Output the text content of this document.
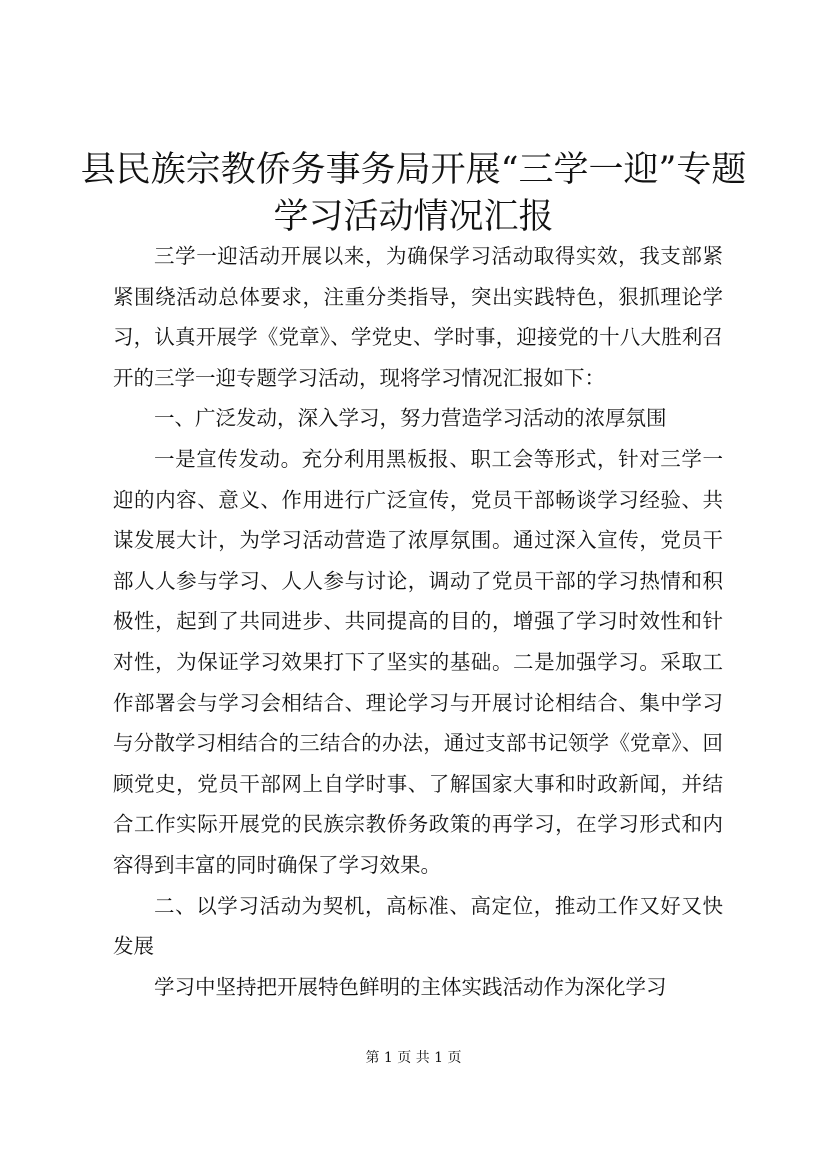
县民族宗教侨务事务局开展“三学一迎”专题
学习活动情况汇报

三学一迎活动开展以来，为确保学习活动取得实效，我支部紧紧围绕活动总体要求，注重分类指导，突出实践特色，狠抓理论学习，认真开展学《党章》、学党史、学时事，迎接党的十八大胜利召开的三学一迎专题学习活动，现将学习情况汇报如下：

一、广泛发动，深入学习，努力营造学习活动的浓厚氛围

一是宣传发动。充分利用黑板报、职工会等形式，针对三学一迎的内容、意义、作用进行广泛宣传，党员干部畅谈学习经验、共谋发展大计，为学习活动营造了浓厚氛围。通过深入宣传，党员干部人人参与学习、人人参与讨论，调动了党员干部的学习热情和积极性，起到了共同进步、共同提高的目的，增强了学习时效性和针对性，为保证学习效果打下了坚实的基础。二是加强学习。采取工作部署会与学习会相结合、理论学习与开展讨论相结合、集中学习与分散学习相结合的三结合的办法，通过支部书记领学《党章》、回顾党史，党员干部网上自学时事、了解国家大事和时政新闻，并结合工作实际开展党的民族宗教侨务政策的再学习，在学习形式和内容得到丰富的同时确保了学习效果。

二、以学习活动为契机，高标准、高定位，推动工作又好又快发展

学习中坚持把开展特色鲜明的主体实践活动作为深化学习

第 1 页 共 1 页
